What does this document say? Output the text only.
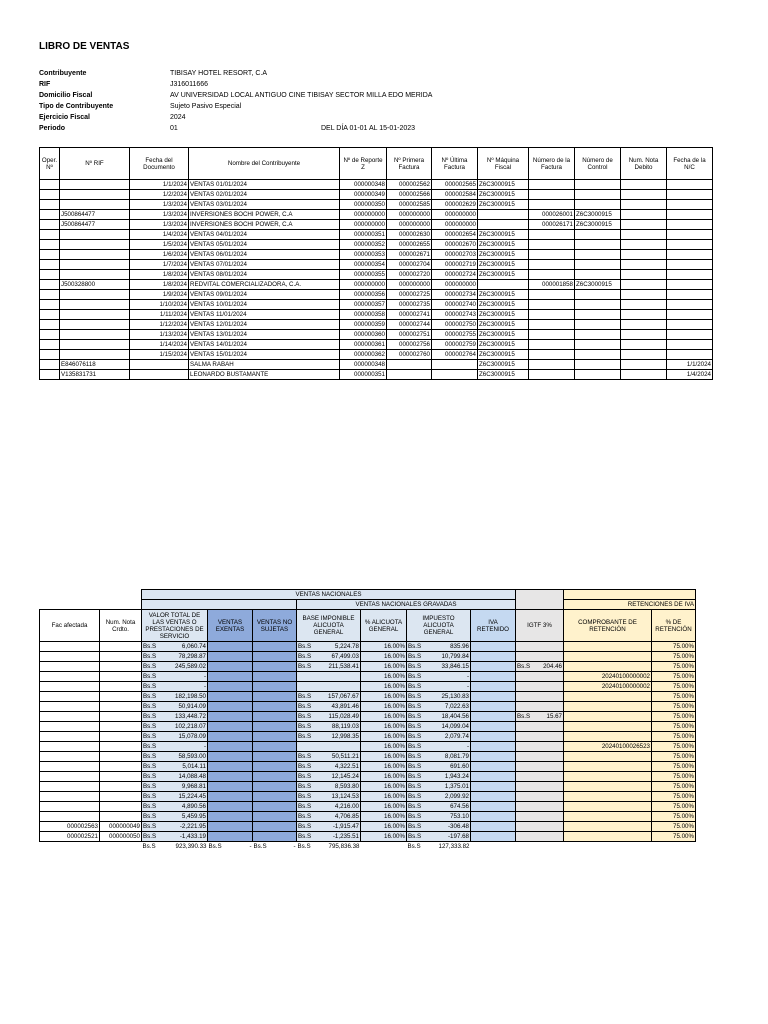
LIBRO DE VENTAS
Contribuyente	TIBISAY HOTEL RESORT, C.A
RIF	J316011666
Domicilio Fiscal	AV UNIVERSIDAD LOCAL ANTIGUO CINE TIBISAY SECTOR MILLA EDO MERIDA
Tipo de Contribuyente	Sujeto Pasivo Especial
Ejercicio Fiscal	2024
Periodo	01	DEL DÍA 01-01 AL 15-01-2023
Oper. Nº	Nº RIF	Fecha del Documento	Nombre del Contribuyente	Nº de Reporte Z	Nº Primera Factura	Nº Última Factura	Nº Máquina Fiscal	Número de la Factura	Número de Control	Num. Nota Debito	Fecha de la N/C
		1/1/2024	VENTAS 01/01/2024	000000348	000002562	000002565	Z6C3000915				
		1/2/2024	VENTAS 02/01/2024	000000349	000002566	000002584	Z6C3000915				
		1/3/2024	VENTAS 03/01/2024	000000350	000002585	000002629	Z6C3000915				
	J500864477	1/3/2024	INVERSIONES BOCHI POWER, C.A	000000000	000000000	000000000		000026001	Z6C3000915		
	J500864477	1/3/2024	INVERSIONES BOCHI POWER, C.A	000000000	000000000	000000000		000026171	Z6C3000915		
		1/4/2024	VENTAS 04/01/2024	000000351	000002630	000002654	Z6C3000915				
		1/5/2024	VENTAS 05/01/2024	000000352	000002655	000002670	Z6C3000915				
		1/6/2024	VENTAS 06/01/2024	000000353	000002671	000002703	Z6C3000915				
		1/7/2024	VENTAS 07/01/2024	000000354	000002704	000002719	Z6C3000915				
		1/8/2024	VENTAS 08/01/2024	000000355	000002720	000002724	Z6C3000915				
	J500328800	1/8/2024	REDVITAL COMERCIALIZADORA, C.A.	000000000	000000000	000000000		000001858	Z6C3000915		
		1/9/2024	VENTAS 09/01/2024	000000356	000002725	000002734	Z6C3000915				
		1/10/2024	VENTAS 10/01/2024	000000357	000002735	000002740	Z6C3000915				
		1/11/2024	VENTAS 11/01/2024	000000358	000002741	000002743	Z6C3000915				
		1/12/2024	VENTAS 12/01/2024	000000359	000002744	000002750	Z6C3000915				
		1/13/2024	VENTAS 13/01/2024	000000360	000002751	000002755	Z6C3000915				
		1/14/2024	VENTAS 14/01/2024	000000361	000002756	000002759	Z6C3000915				
		1/15/2024	VENTAS 15/01/2024	000000362	000002760	000002764	Z6C3000915				
	E846076118		SALMA RABAH	000000348			Z6C3000915				1/1/2024
	V135831731		LEONARDO BUSTAMANTE	000000351			Z6C3000915				1/4/2024
		VENTAS NACIONALES									
					VENTAS NACIONALES GRAVADAS					RETENCIONES DE IVA	
Fac afectada	Num. Nota Crdto.	VALOR TOTAL DE LAS VENTAS O PRESTACIONES DE SERVICIO	VENTAS EXENTAS	VENTAS NO SUJETAS	BASE IMPONIBLE ALICUOTA GENERAL	% ALICUOTA GENERAL	IMPUESTO ALICUOTA GENERAL	IVA RETENIDO	IGTF 3%	COMPROBANTE DE RETENCIÓN	% DE RETENCIÓN

		Bs.S 6,060.74			Bs.S 5,224.78	16.00%	Bs.S 835.96				75.00%

		Bs.S 78,298.87			Bs.S 67,499.03	16.00%	Bs.S 10,799.84				75.00%

		Bs.S 245,589.02			Bs.S 211,538.41	16.00%	Bs.S 33,846.15		Bs.S 204.46		75.00%

		Bs.S -				16.00%	Bs.S -			20240100000002	75.00%

		Bs.S -				16.00%	Bs.S -			20240100000002	75.00%

		Bs.S 182,198.50			Bs.S 157,067.67	16.00%	Bs.S 25,130.83				75.00%

		Bs.S 50,914.09			Bs.S 43,891.46	16.00%	Bs.S 7,022.63				75.00%

		Bs.S 133,448.72			Bs.S 115,028.49	16.00%	Bs.S 18,404.56		Bs.S 15.67		75.00%

		Bs.S 102,218.07			Bs.S 88,119.03	16.00%	Bs.S 14,099.04				75.00%

		Bs.S 15,078.09			Bs.S 12,998.35	16.00%	Bs.S 2,079.74				75.00%

		Bs.S -				16.00%	Bs.S -			20240100026523	75.00%

		Bs.S 58,593.00			Bs.S 50,511.21	16.00%	Bs.S 8,081.79				75.00%

		Bs.S 5,014.11			Bs.S 4,322.51	16.00%	Bs.S 691.60				75.00%

		Bs.S 14,088.48			Bs.S 12,145.24	16.00%	Bs.S 1,943.24				75.00%

		Bs.S 9,968.81			Bs.S 8,593.80	16.00%	Bs.S 1,375.01				75.00%

		Bs.S 15,224.45			Bs.S 13,124.53	16.00%	Bs.S 2,099.92				75.00%

		Bs.S 4,890.56			Bs.S 4,216.00	16.00%	Bs.S 674.56				75.00%

		Bs.S 5,459.95			Bs.S 4,706.85	16.00%	Bs.S 753.10				75.00%
000002563	000000049	Bs.S -2,221.95			Bs.S -1,915.47	16.00%	Bs.S -306.48				75.00%
000002521	000000050	Bs.S -1,433.19			Bs.S -1,235.51	16.00%	Bs.S -197.68				75.00%

		Bs.S 923,390.33	Bs.S -	Bs.S -	Bs.S 795,836.38		Bs.S 127,333.82				
